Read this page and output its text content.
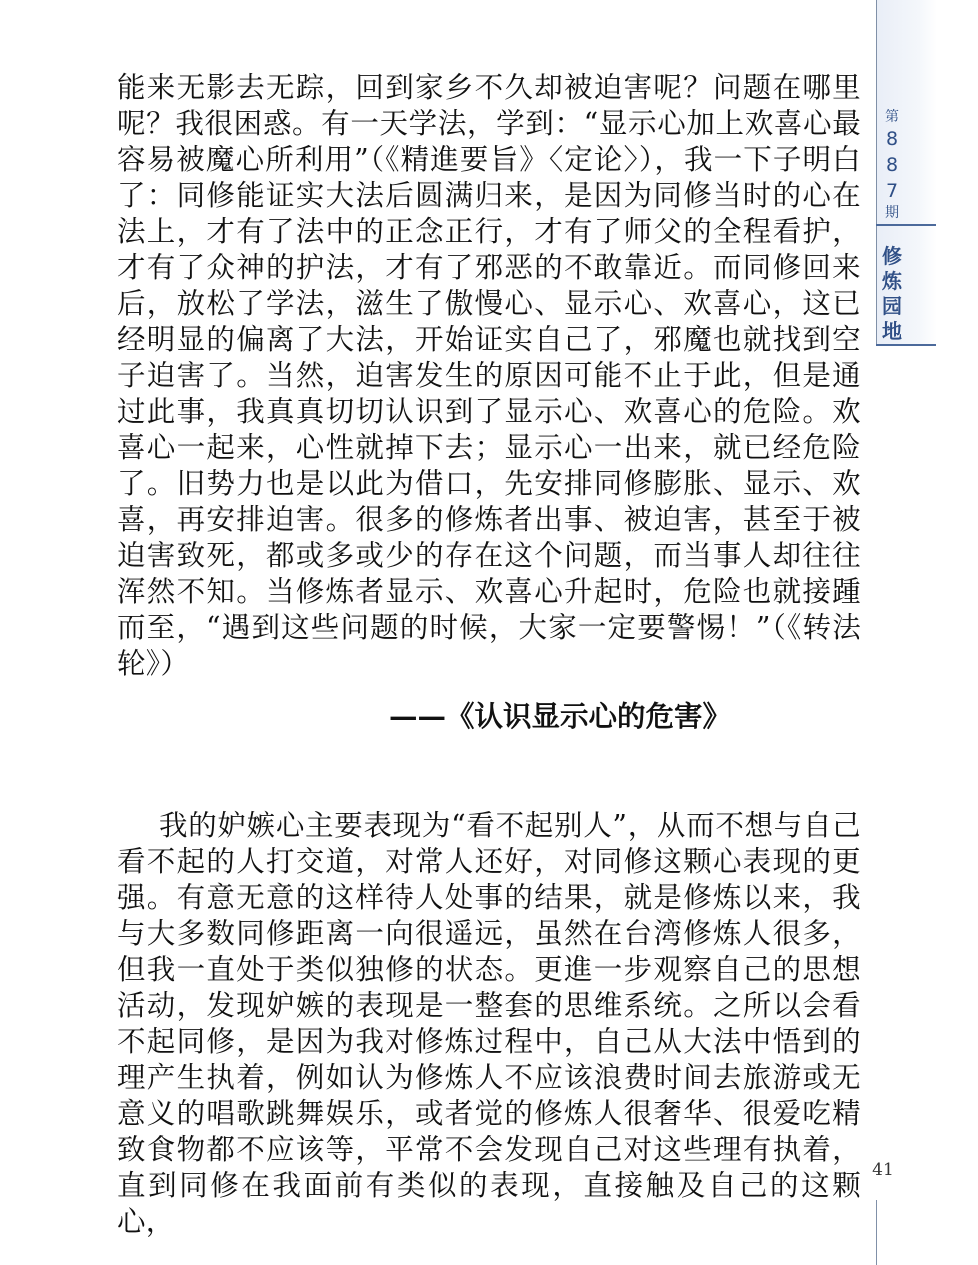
第
8
8
7
期
修
炼
园
地

能来无影去无踪，回到家乡不久却被迫害呢？问题在哪里呢？我很困惑。有一天学法，学到：“显示心加上欢喜心最容易被魔心所利用”（《精進要旨》〈定论〉），我一下子明白了：同修能证实大法后圆满归来，是因为同修当时的心在法上，才有了法中的正念正行，才有了师父的全程看护，才有了众神的护法，才有了邪恶的不敢靠近。而同修回来后，放松了学法，滋生了傲慢心、显示心、欢喜心，这已经明显的偏离了大法，开始证实自己了，邪魔也就找到空子迫害了。当然，迫害发生的原因可能不止于此，但是通过此事，我真真切切认识到了显示心、欢喜心的危险。欢喜心一起来，心性就掉下去；显示心一出来，就已经危险了。旧势力也是以此为借口，先安排同修膨胀、显示、欢喜，再安排迫害。很多的修炼者出事、被迫害，甚至于被迫害致死，都或多或少的存在这个问题，而当事人却往往浑然不知。当修炼者显示、欢喜心升起时，危险也就接踵而至，“遇到这些问题的时候，大家一定要警惕！”（《转法轮》）

——《认识显示心的危害》

我的妒嫉心主要表现为“看不起别人”，从而不想与自己看不起的人打交道，对常人还好，对同修这颗心表现的更强。有意无意的这样待人处事的结果，就是修炼以来，我与大多数同修距离一向很遥远，虽然在台湾修炼人很多，但我一直处于类似独修的状态。更進一步观察自己的思想活动，发现妒嫉的表现是一整套的思维系统。之所以会看不起同修，是因为我对修炼过程中，自己从大法中悟到的理产生执着，例如认为修炼人不应该浪费时间去旅游或无意义的唱歌跳舞娱乐，或者觉的修炼人很奢华、很爱吃精致食物都不应该等，平常不会发现自己对这些理有执着，直到同修在我面前有类似的表现，直接触及自己的这颗心，

41
